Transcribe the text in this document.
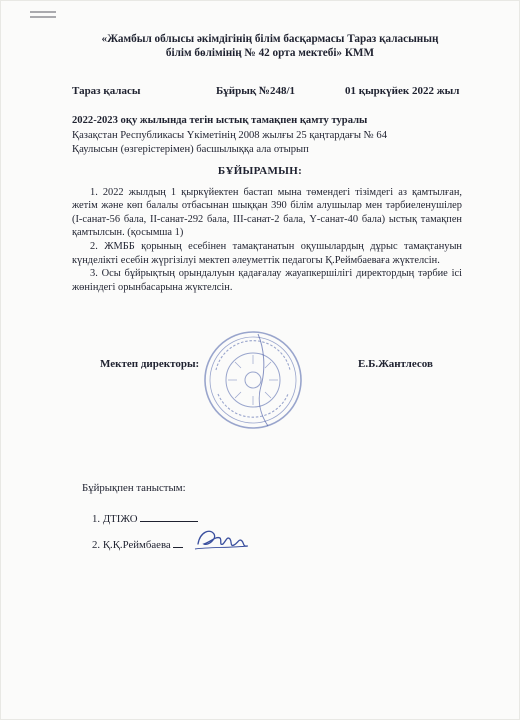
«Жамбыл облысы әкімдігінің білім басқармасы Тараз қаласының
білім бөлімінің № 42 орта мектебі» КММ
Тараз қаласы	Бұйрық №248/1	01 қыркүйек 2022 жыл
2022-2023 оқу жылында тегін ыстық тамақпен қамту туралы
Қазақстан Республикасы Үкіметінің 2008 жылғы 25 қаңтардағы № 64
Қаулысын (өзгерістерімен) басшылыққа ала отырып
БҰЙЫРАМЫН:

1. 2022 жылдың 1 қыркүйектен бастап мына төмендегі тізімдегі аз қамтылған, жетім және көп балалы отбасынан шыққан 390 білім алушылар мен тәрбиеленушілер (І-санат-56 бала, ІІ-санат-292 бала, ІІІ-санат-2 бала, Ү-санат-40 бала) ыстық тамақпен қамтылсын. (қосымша 1)

2. ЖМББ қорының есебінен тамақтанатын оқушылардың дұрыс тамақтануын күнделікті есебін жүргізілуі мектеп әлеуметтік педагогы Қ.Реймбаеваға жүктелсін.

3. Осы бұйрықтың орындалуын қадағалау жауапкершілігі директордың тәрбие ісі жөніндегі орынбасарына жүктелсін.

Мектеп директоры:	Е.Б.Жантлесов
Бұйрықпен таныстым:
1. ДТІЖО
2. Қ.Қ.Реймбаева
